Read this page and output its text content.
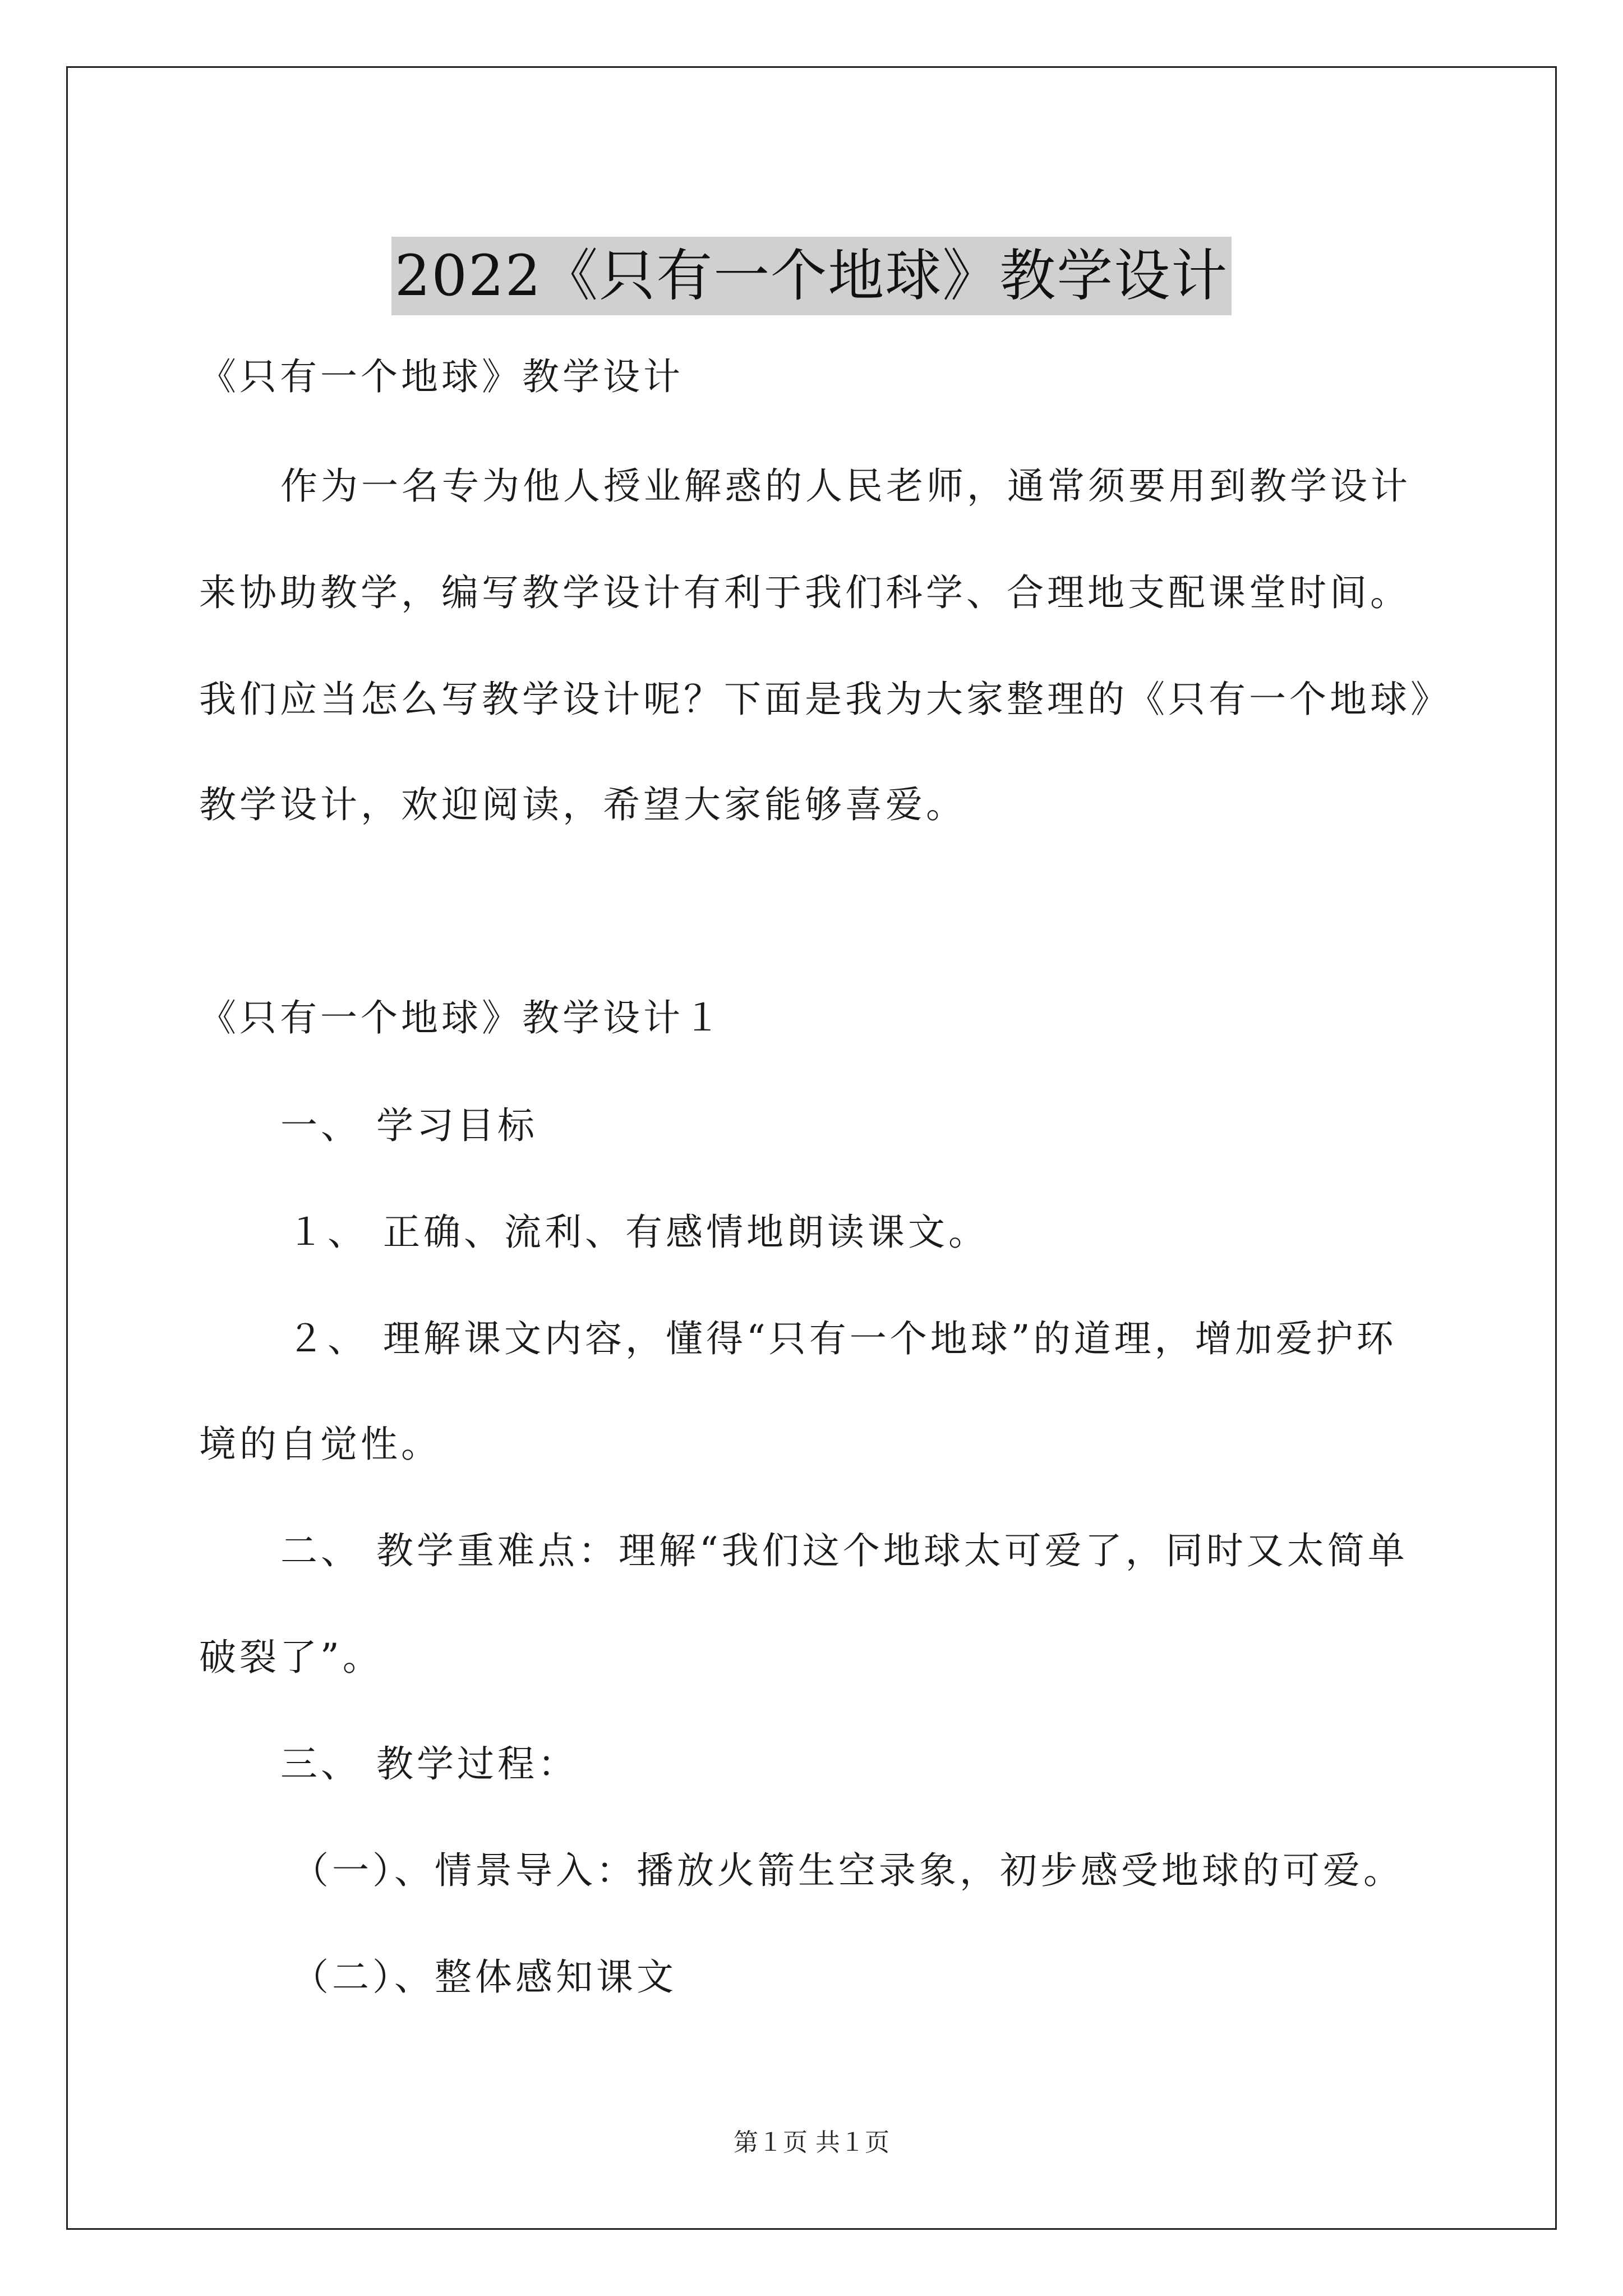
2022《只有一个地球》教学设计
《只有一个地球》教学设计
作为一名专为他人授业解惑的人民老师，通常须要用到教学设计
来协助教学，编写教学设计有利于我们科学、合理地支配课堂时间。
我们应当怎么写教学设计呢？下面是我为大家整理的《只有一个地球》
教学设计，欢迎阅读，希望大家能够喜爱。
《只有一个地球》教学设计１
一、 学习目标
１、 正确、流利、有感情地朗读课文。
２、 理解课文内容，懂得“只有一个地球”的道理，增加爱护环
境的自觉性。
二、 教学重难点：理解“我们这个地球太可爱了，同时又太简单
破裂了”。
三、 教学过程：
（一）、情景导入：播放火箭生空录象，初步感受地球的可爱。
（二）、整体感知课文
第１页 共１页
